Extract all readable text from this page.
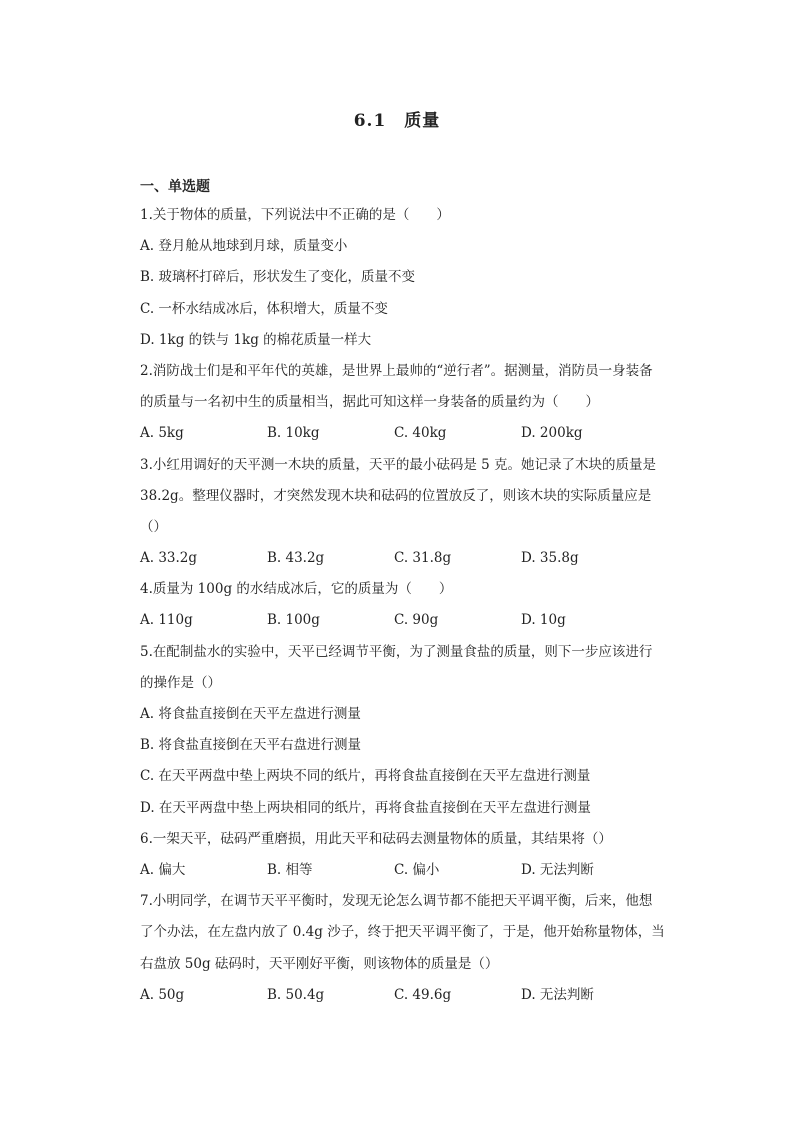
6.1　质量
一、单选题
1.关于物体的质量，下列说法中不正确的是（　　）
A. 登月舱从地球到月球，质量变小
B. 玻璃杯打碎后，形状发生了变化，质量不变
C. 一杯水结成冰后，体积增大，质量不变
D. 1kg 的铁与 1kg 的棉花质量一样大
2.消防战士们是和平年代的英雄，是世界上最帅的“逆行者”。据测量，消防员一身装备
的质量与一名初中生的质量相当，据此可知这样一身装备的质量约为（　　）
A. 5kg	B. 10kg	C. 40kg	D. 200kg
3.小红用调好的天平测一木块的质量，天平的最小砝码是 5 克。她记录了木块的质量是
38.2g。整理仪器时，才突然发现木块和砝码的位置放反了，则该木块的实际质量应是
（）
A. 33.2g	B. 43.2g	C. 31.8g	D. 35.8g
4.质量为 100g 的水结成冰后，它的质量为（　　）
A. 110g	B. 100g	C. 90g	D. 10g
5.在配制盐水的实验中，天平已经调节平衡，为了测量食盐的质量，则下一步应该进行
的操作是（）
A. 将食盐直接倒在天平左盘进行测量
B. 将食盐直接倒在天平右盘进行测量
C. 在天平两盘中垫上两块不同的纸片，再将食盐直接倒在天平左盘进行测量
D. 在天平两盘中垫上两块相同的纸片，再将食盐直接倒在天平左盘进行测量
6.一架天平，砝码严重磨损，用此天平和砝码去测量物体的质量，其结果将（）
A. 偏大	B. 相等	C. 偏小	D. 无法判断
7.小明同学，在调节天平平衡时，发现无论怎么调节都不能把天平调平衡，后来，他想
了个办法，在左盘内放了 0.4g 沙子，终于把天平调平衡了，于是，他开始称量物体，当
右盘放 50g 砝码时，天平刚好平衡，则该物体的质量是（）
A. 50g	B. 50.4g	C. 49.6g	D. 无法判断
